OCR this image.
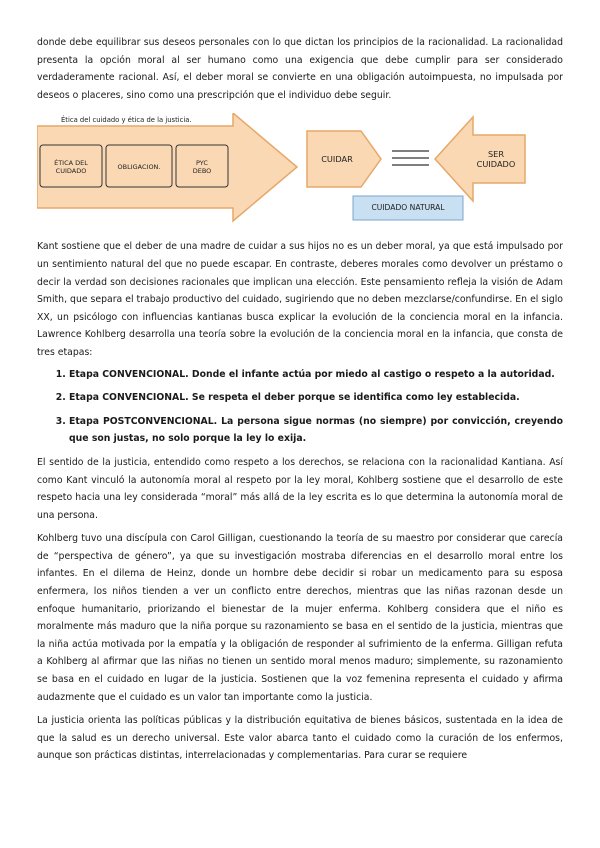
donde debe equilibrar sus deseos personales con lo que dictan los principios de la racionalidad. La racionalidad presenta la opción moral al ser humano como una exigencia que debe cumplir para ser considerado verdaderamente racional. Así, el deber moral se convierte en una obligación autoimpuesta, no impulsada por deseos o placeres, sino como una prescripción que el individuo debe seguir.

Ética del cuidado y ética de la justicia.
ÉTICA DEL CUIDADO	OBLIGACION.	PYC DEBO
CUIDAR	SER CUIDADO
CUIDADO NATURAL

Kant sostiene que el deber de una madre de cuidar a sus hijos no es un deber moral, ya que está impulsado por un sentimiento natural del que no puede escapar. En contraste, deberes morales como devolver un préstamo o decir la verdad son decisiones racionales que implican una elección. Este pensamiento refleja la visión de Adam Smith, que separa el trabajo productivo del cuidado, sugiriendo que no deben mezclarse/confundirse. En el siglo XX, un psicólogo con influencias kantianas busca explicar la evolución de la conciencia moral en la infancia. Lawrence Kohlberg desarrolla una teoría sobre la evolución de la conciencia moral en la infancia, que consta de tres etapas:

1. Etapa CONVENCIONAL. Donde el infante actúa por miedo al castigo o respeto a la autoridad.
2. Etapa CONVENCIONAL. Se respeta el deber porque se identifica como ley establecida.
3. Etapa POSTCONVENCIONAL. La persona sigue normas (no siempre) por convicción, creyendo que son justas, no solo porque la ley lo exija.

El sentido de la justicia, entendido como respeto a los derechos, se relaciona con la racionalidad Kantiana. Así como Kant vinculó la autonomía moral al respeto por la ley moral, Kohlberg sostiene que el desarrollo de este respeto hacia una ley considerada “moral” más allá de la ley escrita es lo que determina la autonomía moral de una persona.

Kohlberg tuvo una discípula con Carol Gilligan, cuestionando la teoría de su maestro por considerar que carecía de “perspectiva de género”, ya que su investigación mostraba diferencias en el desarrollo moral entre los infantes. En el dilema de Heinz, donde un hombre debe decidir si robar un medicamento para su esposa enfermera, los niños tienden a ver un conflicto entre derechos, mientras que las niñas razonan desde un enfoque humanitario, priorizando el bienestar de la mujer enferma. Kohlberg considera que el niño es moralmente más maduro que la niña porque su razonamiento se basa en el sentido de la justicia, mientras que la niña actúa motivada por la empatía y la obligación de responder al sufrimiento de la enferma. Gilligan refuta a Kohlberg al afirmar que las niñas no tienen un sentido moral menos maduro; simplemente, su razonamiento se basa en el cuidado en lugar de la justicia. Sostienen que la voz femenina representa el cuidado y afirma audazmente que el cuidado es un valor tan importante como la justicia.

La justicia orienta las políticas públicas y la distribución equitativa de bienes básicos, sustentada en la idea de que la salud es un derecho universal. Este valor abarca tanto el cuidado como la curación de los enfermos, aunque son prácticas distintas, interrelacionadas y complementarias. Para curar se requiere
